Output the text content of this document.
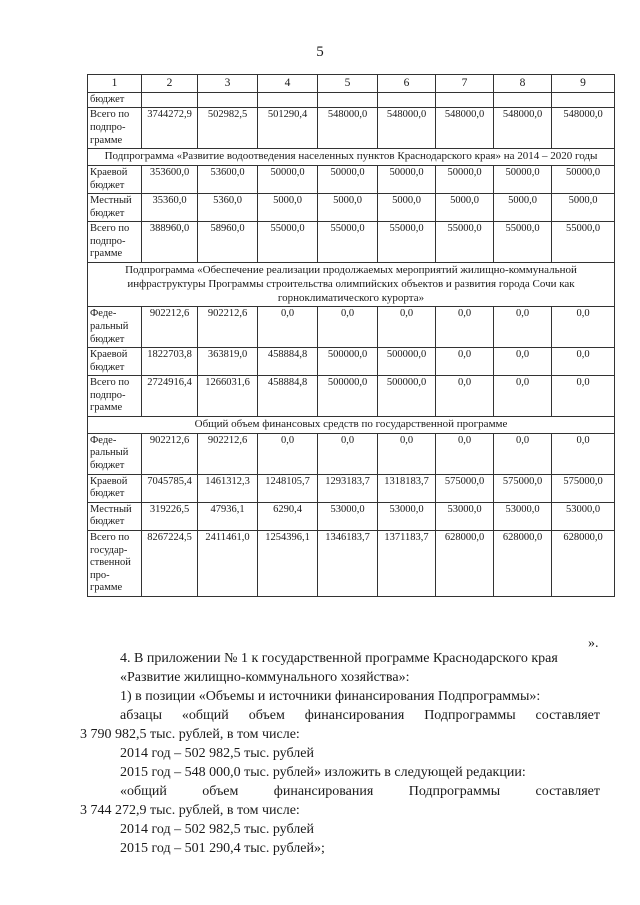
5
1	2	3	4	5	6	7	8	9
бюджет								
Всего по подпро-грамме	3744272,9	502982,5	501290,4	548000,0	548000,0	548000,0	548000,0	548000,0
Подпрограмма «Развитие водоотведения населенных пунктов Краснодарского края» на 2014 – 2020 годы								
Краевой бюджет	353600,0	53600,0	50000,0	50000,0	50000,0	50000,0	50000,0	50000,0
Местный бюджет	35360,0	5360,0	5000,0	5000,0	5000,0	5000,0	5000,0	5000,0
Всего по подпро-грамме	388960,0	58960,0	55000,0	55000,0	55000,0	55000,0	55000,0	55000,0
Подпрограмма «Обеспечение реализации продолжаемых мероприятий жилищно-коммунальной инфраструктуры Программы строительства олимпийских объектов и развития города Сочи как горноклиматического курорта»								
Феде-ральный бюджет	902212,6	902212,6	0,0	0,0	0,0	0,0	0,0	0,0
Краевой бюджет	1822703,8	363819,0	458884,8	500000,0	500000,0	0,0	0,0	0,0
Всего по подпро-грамме	2724916,4	1266031,6	458884,8	500000,0	500000,0	0,0	0,0	0,0
Общий объем финансовых средств по государственной программе								
Феде-ральный бюджет	902212,6	902212,6	0,0	0,0	0,0	0,0	0,0	0,0
Краевой бюджет	7045785,4	1461312,3	1248105,7	1293183,7	1318183,7	575000,0	575000,0	575000,0
Местный бюджет	319226,5	47936,1	6290,4	53000,0	53000,0	53000,0	53000,0	53000,0
Всего по государ-ственной про-грамме	8267224,5	2411461,0	1254396,1	1346183,7	1371183,7	628000,0	628000,0	628000,0
».
4. В приложении № 1 к государственной программе Краснодарского края
«Развитие жилищно-коммунального хозяйства»:
1) в позиции «Объемы и источники финансирования Подпрограммы»:
абзацы «общий объем финансирования Подпрограммы составляет
3 790 982,5 тыс. рублей, в том числе:
2014 год – 502 982,5 тыс. рублей
2015 год – 548 000,0 тыс. рублей» изложить в следующей редакции:
«общий объем финансирования Подпрограммы составляет
3 744 272,9 тыс. рублей, в том числе:
2014 год – 502 982,5 тыс. рублей
2015 год – 501 290,4 тыс. рублей»;
